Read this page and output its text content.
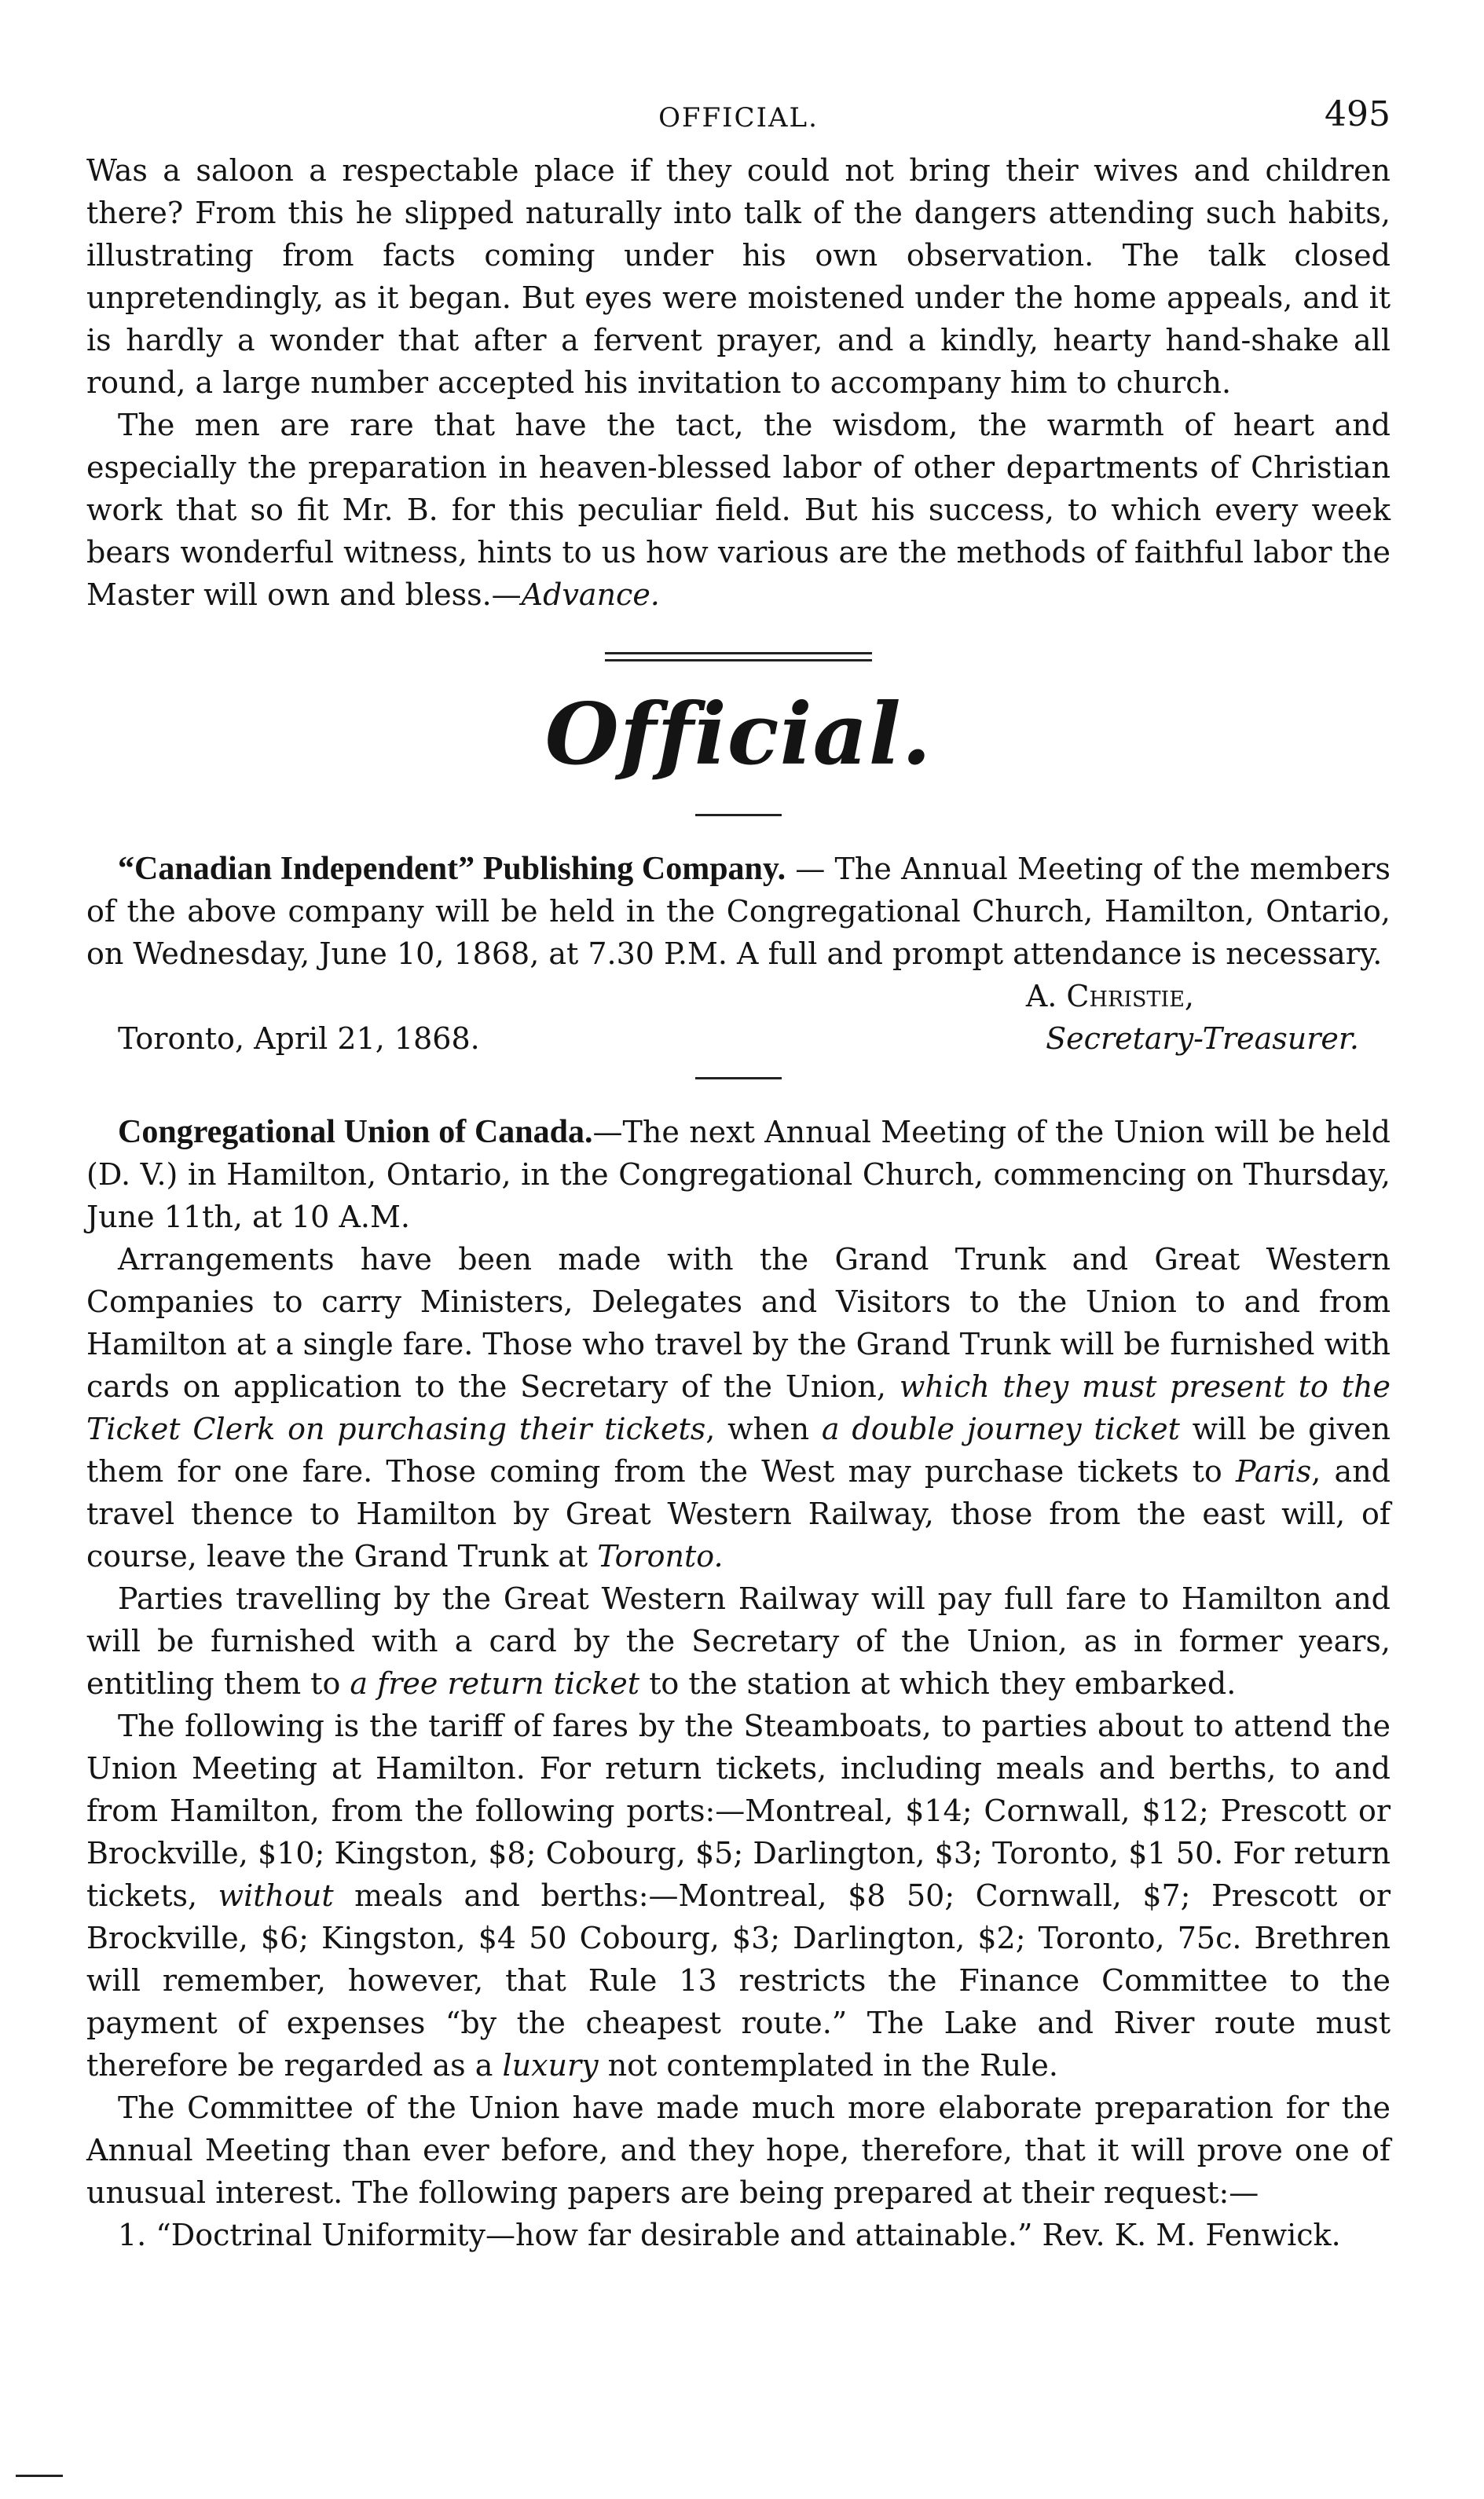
OFFICIAL.	495

Was a saloon a respectable place if they could not bring their wives and children there? From this he slipped naturally into talk of the dangers attending such habits, illustrating from facts coming under his own observation. The talk closed unpretendingly, as it began. But eyes were moistened under the home appeals, and it is hardly a wonder that after a fervent prayer, and a kindly, hearty hand-shake all round, a large number accepted his invitation to accompany him to church.

The men are rare that have the tact, the wisdom, the warmth of heart and especially the preparation in heaven-blessed labor of other departments of Christian work that so fit Mr. B. for this peculiar field. But his success, to which every week bears wonderful witness, hints to us how various are the methods of faithful labor the Master will own and bless.—Advance.

Official.

“Canadian Independent” Publishing Company. — The Annual Meeting of the members of the above company will be held in the Congregational Church, Hamilton, Ontario, on Wednesday, June 10, 1868, at 7.30 P.M. A full and prompt attendance is necessary.

A. Christie,
Toronto, April 21, 1868.	Secretary-Treasurer.

Congregational Union of Canada.—The next Annual Meeting of the Union will be held (D. V.) in Hamilton, Ontario, in the Congregational Church, commencing on Thursday, June 11th, at 10 A.M.

Arrangements have been made with the Grand Trunk and Great Western Companies to carry Ministers, Delegates and Visitors to the Union to and from Hamilton at a single fare. Those who travel by the Grand Trunk will be furnished with cards on application to the Secretary of the Union, which they must present to the Ticket Clerk on purchasing their tickets, when a double journey ticket will be given them for one fare. Those coming from the West may purchase tickets to Paris, and travel thence to Hamilton by Great Western Railway, those from the east will, of course, leave the Grand Trunk at Toronto.

Parties travelling by the Great Western Railway will pay full fare to Hamilton and will be furnished with a card by the Secretary of the Union, as in former years, entitling them to a free return ticket to the station at which they embarked.

The following is the tariff of fares by the Steamboats, to parties about to attend the Union Meeting at Hamilton. For return tickets, including meals and berths, to and from Hamilton, from the following ports:—Montreal, $14; Cornwall, $12; Prescott or Brockville, $10; Kingston, $8; Cobourg, $5; Darlington, $3; Toronto, $1 50. For return tickets, without meals and berths:—Montreal, $8 50; Cornwall, $7; Prescott or Brockville, $6; Kingston, $4 50 Cobourg, $3; Darlington, $2; Toronto, 75c. Brethren will remember, however, that Rule 13 restricts the Finance Committee to the payment of expenses “by the cheapest route.” The Lake and River route must therefore be regarded as a luxury not contemplated in the Rule.

The Committee of the Union have made much more elaborate preparation for the Annual Meeting than ever before, and they hope, therefore, that it will prove one of unusual interest. The following papers are being prepared at their request:—

1. “Doctrinal Uniformity—how far desirable and attainable.” Rev. K. M. Fenwick.
